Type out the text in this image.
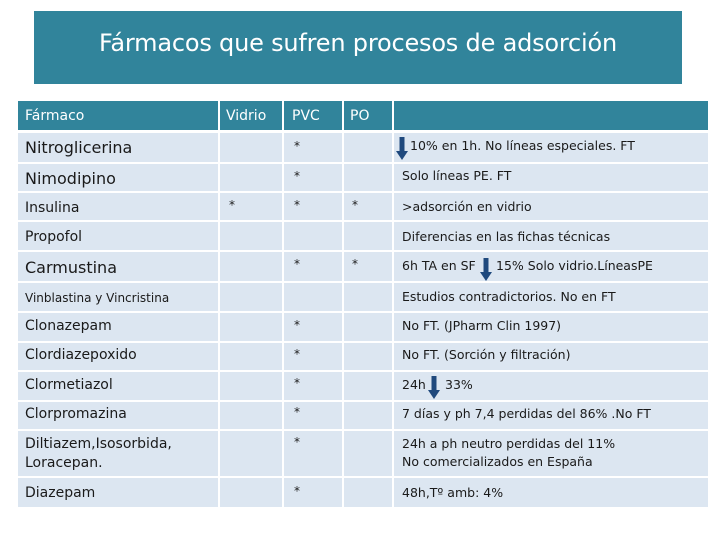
Fármacos que sufren procesos de adsorción
Fármaco	Vidrio PVC PO
Nitroglicerina
Nimodipino
Insulina
Propofol
Carmustina
Vinblastina y Vincristina
Clonazepam
Clordiazepoxido
Clormetiazol
Clorpromazina
Diltiazem,Isosorbida,
Loracepan.
Diazepam
*
*
*
*
*
*
*
*
*
*
*
*
*
10% en 1h. No líneas especiales. FT
Solo líneas PE. FT
>adsorción en vidrio
Diferencias en las fichas técnicas
6h TA en SF 15% Solo vidrio.LíneasPE
Estudios contradictorios. No en FT
No FT. (JPharm Clin 1997)
No FT. (Sorción y filtración)
24h 33%
7 días y ph 7,4 perdidas del 86% .No FT
24h a ph neutro perdidas del 11%
No comercializados en España
48h,Tº amb: 4%
